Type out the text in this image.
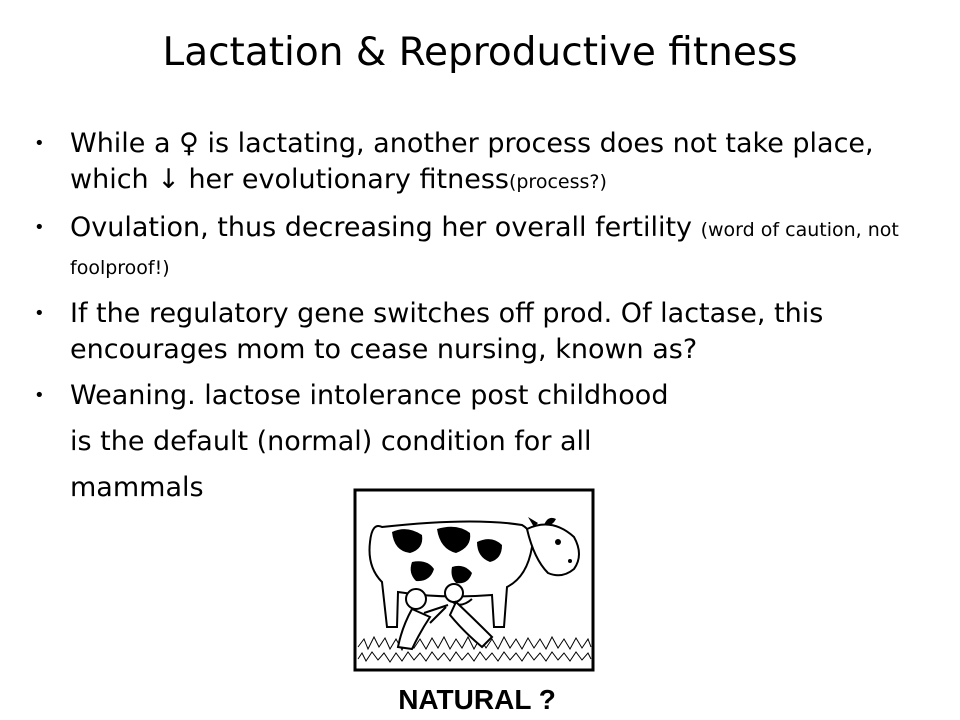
Lactation & Reproductive fitness
• While a ♀ is lactating, another process does not take place, which ↓ her evolutionary fitness(process?)
• Ovulation, thus decreasing her overall fertility (word of caution, not foolproof!)
• If the regulatory gene switches off prod. Of lactase, this encourages mom to cease nursing, known as?
• Weaning. lactose intolerance post childhood
is the default (normal) condition for all
mammals
NATURAL ?
